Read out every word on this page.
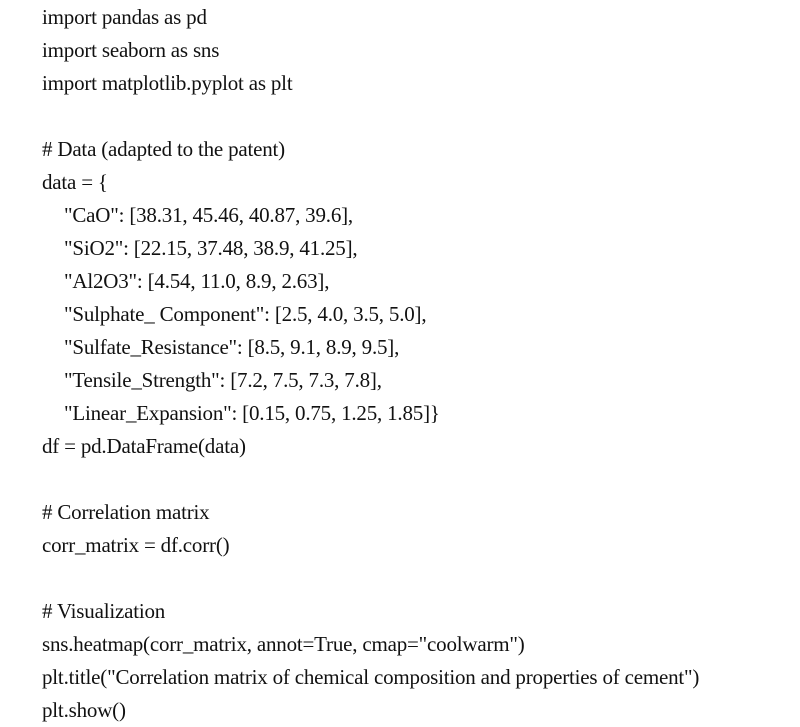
import pandas as pd
import seaborn as sns
import matplotlib.pyplot as plt
# Data (adapted to the patent)
data = {
"CaO": [38.31, 45.46, 40.87, 39.6],
"SiO2": [22.15, 37.48, 38.9, 41.25],
"Al2O3": [4.54, 11.0, 8.9, 2.63],
"Sulphate_ Component": [2.5, 4.0, 3.5, 5.0],
"Sulfate_Resistance": [8.5, 9.1, 8.9, 9.5],
"Tensile_Strength": [7.2, 7.5, 7.3, 7.8],
"Linear_Expansion": [0.15, 0.75, 1.25, 1.85]}
df = pd.DataFrame(data)
# Correlation matrix
corr_matrix = df.corr()
# Visualization
sns.heatmap(corr_matrix, annot=True, cmap="coolwarm")
plt.title("Correlation matrix of chemical composition and properties of cement")
plt.show()
